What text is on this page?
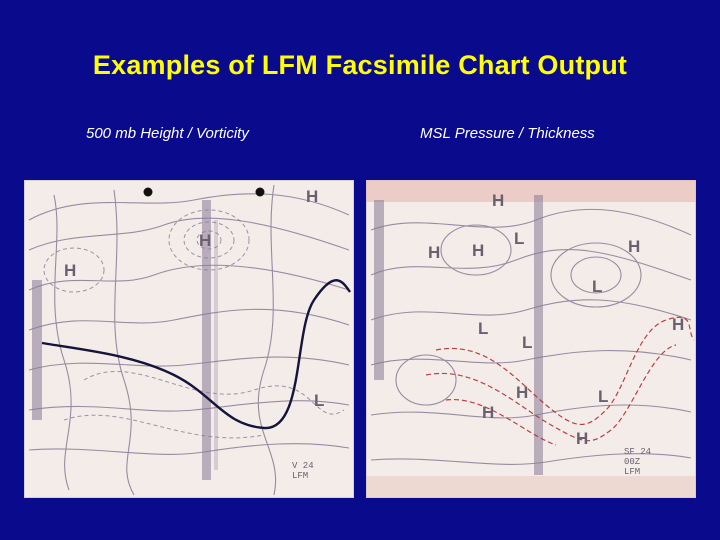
Examples of LFM Facsimile Chart Output
500 mb Height / Vorticity	MSL Pressure / Thickness
H
H
H
L
V 24
LFM
H
H H	H
H
H
H
H
L
L
L
L
L
SF 24
00Z
LFM
